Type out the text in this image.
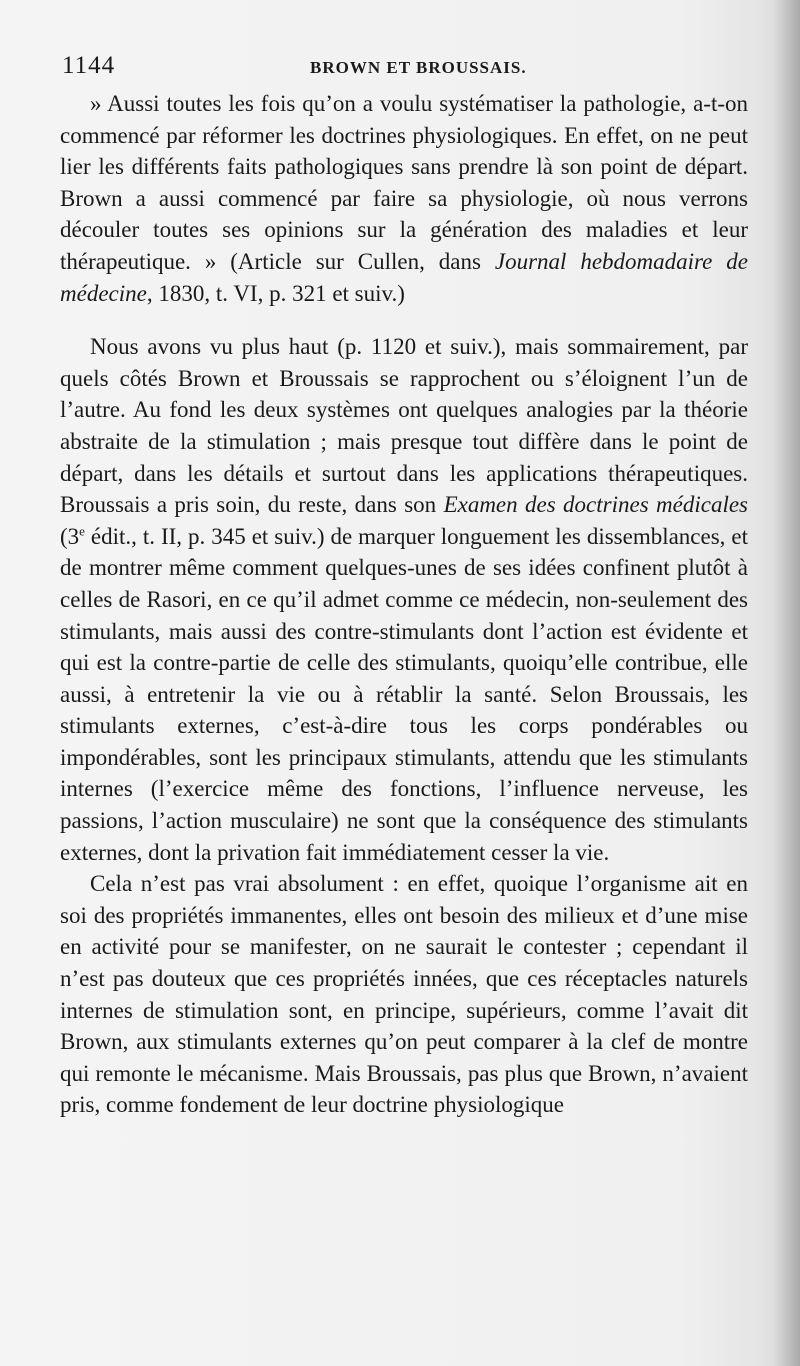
1144	BROWN ET BROUSSAIS.

» Aussi toutes les fois qu’on a voulu systématiser la pathologie, a-t-on commencé par réformer les doctrines physiologiques. En effet, on ne peut lier les différents faits pathologiques sans prendre là son point de départ. Brown a aussi commencé par faire sa physiologie, où nous verrons découler toutes ses opinions sur la génération des maladies et leur thérapeutique. » (Article sur Cullen, dans Journal hebdomadaire de médecine, 1830, t. VI, p. 321 et suiv.)

Nous avons vu plus haut (p. 1120 et suiv.), mais sommairement, par quels côtés Brown et Broussais se rapprochent ou s’éloignent l’un de l’autre. Au fond les deux systèmes ont quelques analogies par la théorie abstraite de la stimulation ; mais presque tout diffère dans le point de départ, dans les détails et surtout dans les applications thérapeutiques. Broussais a pris soin, du reste, dans son Examen des doctrines médicales (3e édit., t. II, p. 345 et suiv.) de marquer longuement les dissemblances, et de montrer même comment quelques-unes de ses idées confinent plutôt à celles de Rasori, en ce qu’il admet comme ce médecin, non-seulement des stimulants, mais aussi des contre-stimulants dont l’action est évidente et qui est la contre-partie de celle des stimulants, quoiqu’elle contribue, elle aussi, à entretenir la vie ou à rétablir la santé. Selon Broussais, les stimulants externes, c’est-à-dire tous les corps pondérables ou impondérables, sont les principaux stimulants, attendu que les stimulants internes (l’exercice même des fonctions, l’influence nerveuse, les passions, l’action musculaire) ne sont que la conséquence des stimulants externes, dont la privation fait immédiatement cesser la vie.

Cela n’est pas vrai absolument : en effet, quoique l’organisme ait en soi des propriétés immanentes, elles ont besoin des milieux et d’une mise en activité pour se manifester, on ne saurait le contester ; cependant il n’est pas douteux que ces propriétés innées, que ces réceptacles naturels internes de stimulation sont, en principe, supérieurs, comme l’avait dit Brown, aux stimulants externes qu’on peut comparer à la clef de montre qui remonte le mécanisme. Mais Broussais, pas plus que Brown, n’avaient pris, comme fondement de leur doctrine physiologique
